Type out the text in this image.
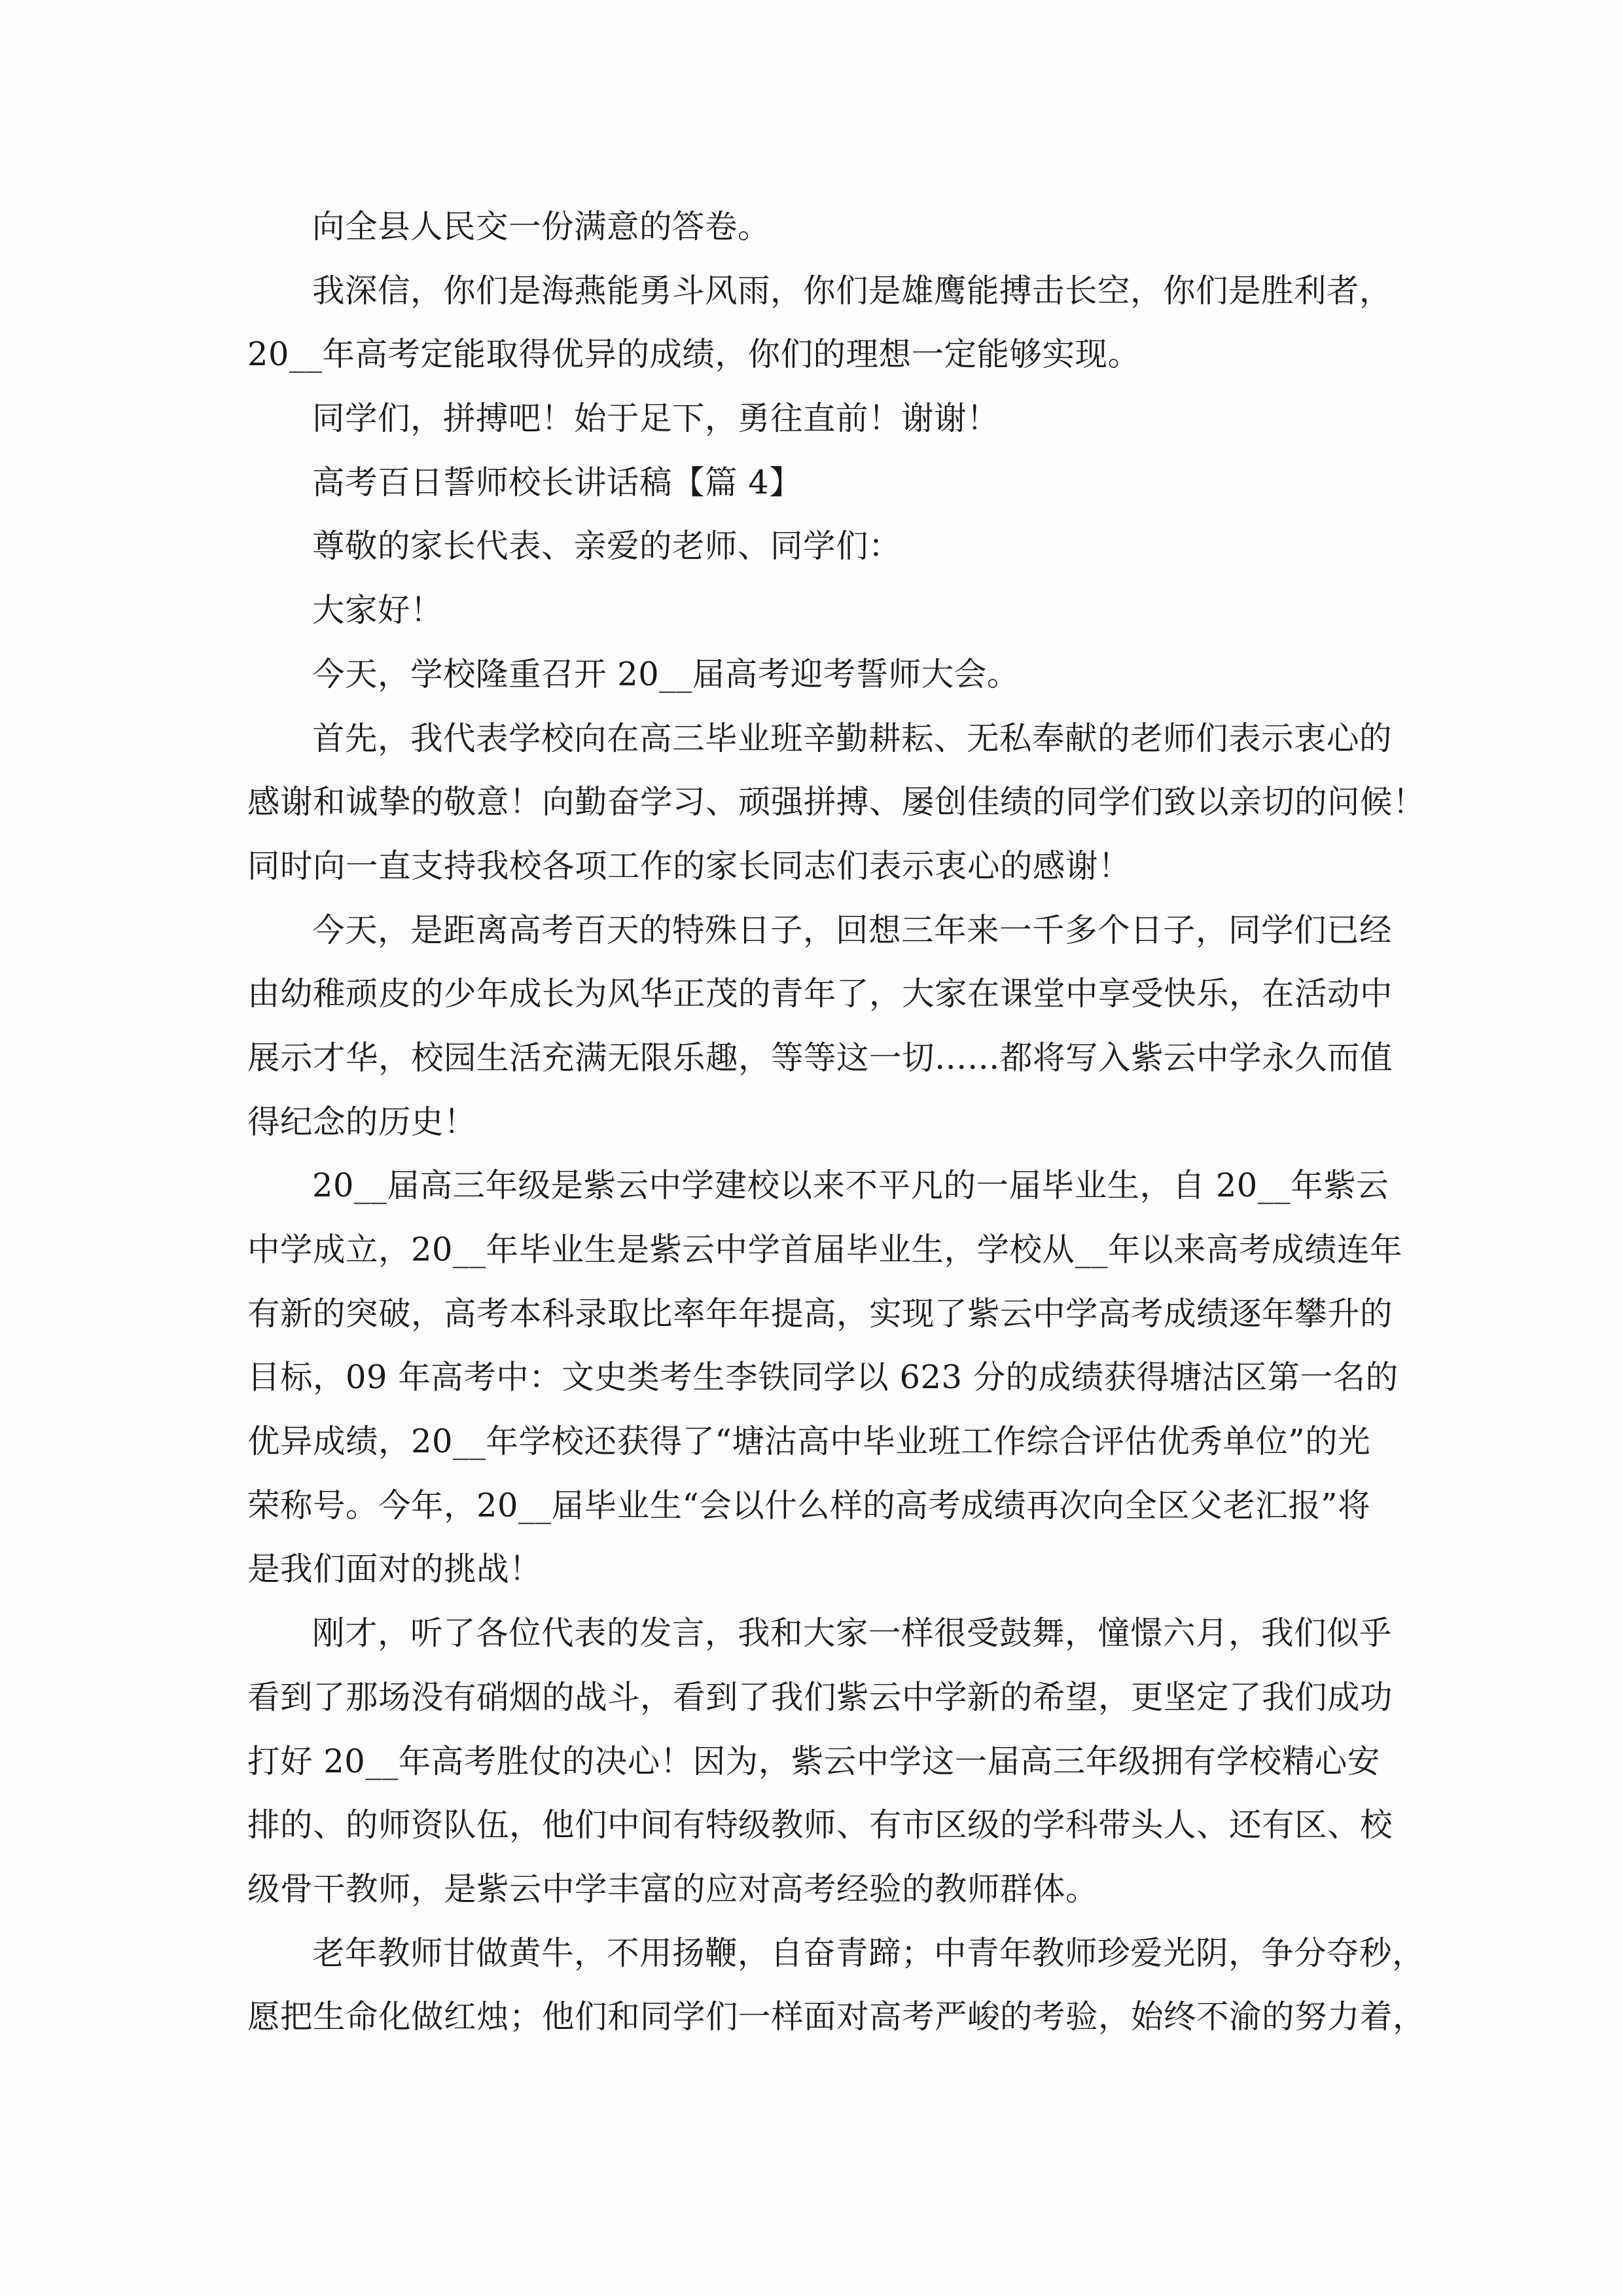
向全县人民交一份满意的答卷。
我深信，你们是海燕能勇斗风雨，你们是雄鹰能搏击长空，你们是胜利者，
20__年高考定能取得优异的成绩，你们的理想一定能够实现。
同学们，拼搏吧！始于足下，勇往直前！谢谢！
高考百日誓师校长讲话稿【篇 4】
尊敬的家长代表、亲爱的老师、同学们：
大家好！
今天，学校隆重召开 20__届高考迎考誓师大会。
首先，我代表学校向在高三毕业班辛勤耕耘、无私奉献的老师们表示衷心的
感谢和诚挚的敬意！向勤奋学习、顽强拼搏、屡创佳绩的同学们致以亲切的问候！
同时向一直支持我校各项工作的家长同志们表示衷心的感谢！
今天，是距离高考百天的特殊日子，回想三年来一千多个日子，同学们已经
由幼稚顽皮的少年成长为风华正茂的青年了，大家在课堂中享受快乐，在活动中
展示才华，校园生活充满无限乐趣，等等这一切……都将写入紫云中学永久而值
得纪念的历史！
20__届高三年级是紫云中学建校以来不平凡的一届毕业生，自 20__年紫云
中学成立，20__年毕业生是紫云中学首届毕业生，学校从__年以来高考成绩连年
有新的突破，高考本科录取比率年年提高，实现了紫云中学高考成绩逐年攀升的
目标，09 年高考中：文史类考生李铁同学以 623 分的成绩获得塘沽区第一名的
优异成绩，20__年学校还获得了“塘沽高中毕业班工作综合评估优秀单位”的光
荣称号。今年，20__届毕业生“会以什么样的高考成绩再次向全区父老汇报”将
是我们面对的挑战！
刚才，听了各位代表的发言，我和大家一样很受鼓舞，憧憬六月，我们似乎
看到了那场没有硝烟的战斗，看到了我们紫云中学新的希望，更坚定了我们成功
打好 20__年高考胜仗的决心！因为，紫云中学这一届高三年级拥有学校精心安
排的、的师资队伍，他们中间有特级教师、有市区级的学科带头人、还有区、校
级骨干教师，是紫云中学丰富的应对高考经验的教师群体。
老年教师甘做黄牛，不用扬鞭，自奋青蹄；中青年教师珍爱光阴，争分夺秒，
愿把生命化做红烛；他们和同学们一样面对高考严峻的考验，始终不渝的努力着，
